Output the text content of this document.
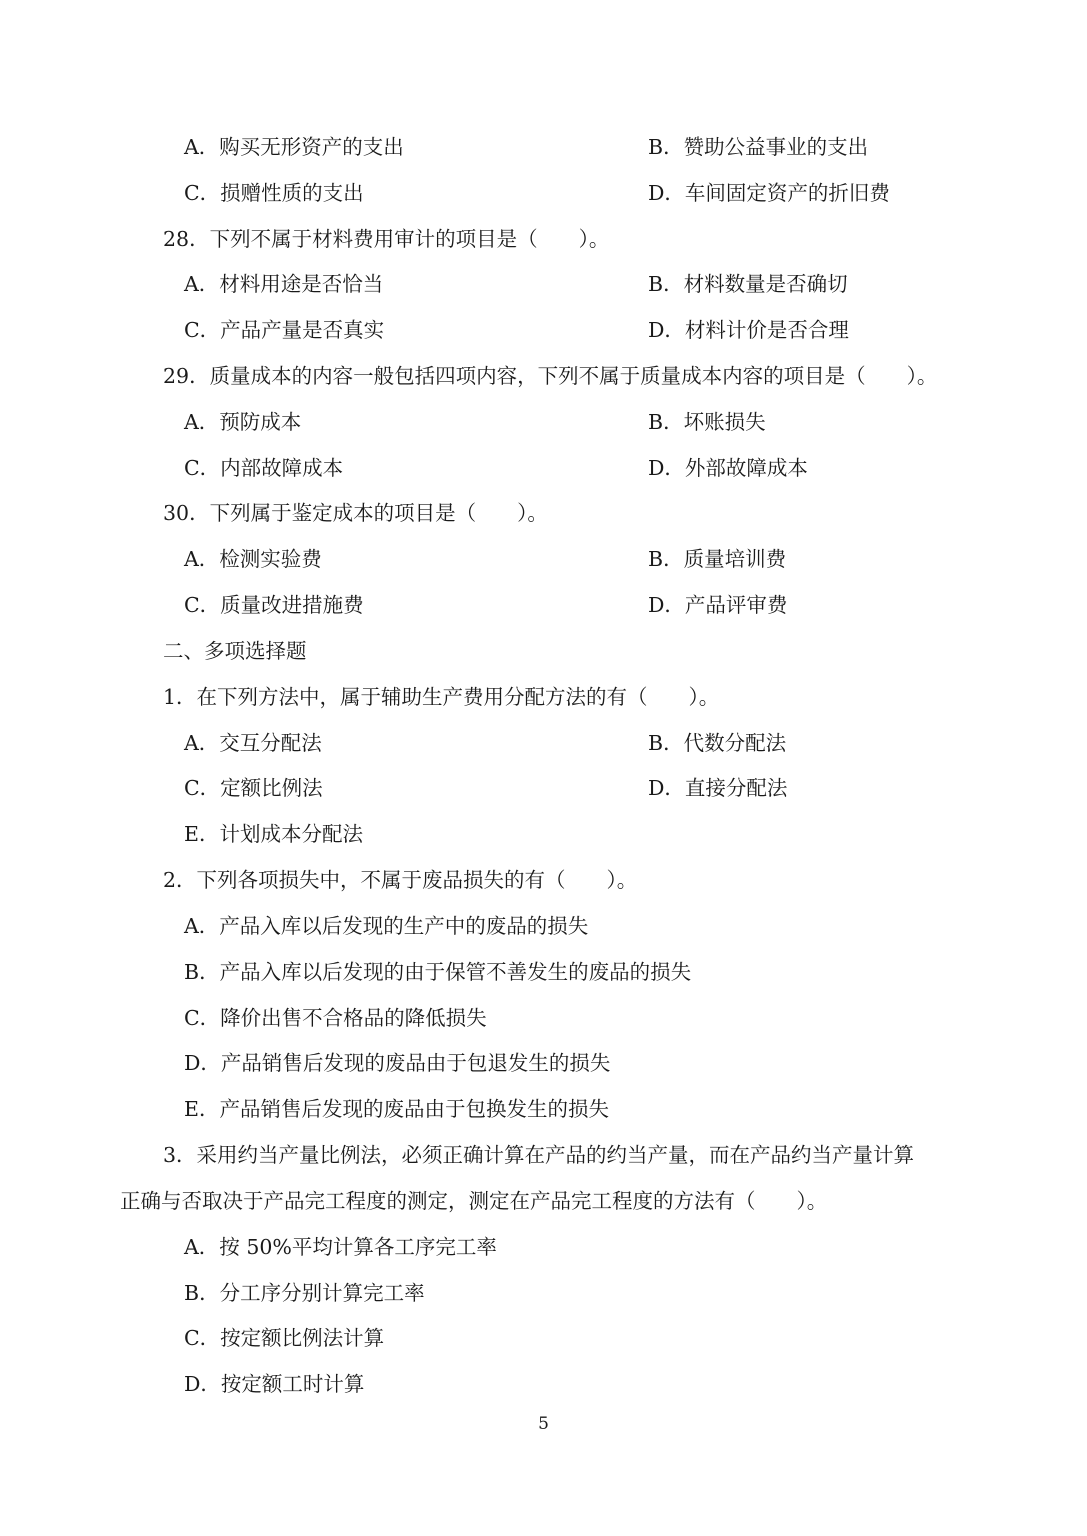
A．购买无形资产的支出	B．赞助公益事业的支出
C．损赠性质的支出	D．车间固定资产的折旧费
28．下列不属于材料费用审计的项目是（　　）。
A．材料用途是否恰当	B．材料数量是否确切
C．产品产量是否真实	D．材料计价是否合理
29．质量成本的内容一般包括四项内容，下列不属于质量成本内容的项目是（　　）。
A．预防成本	B．坏账损失
C．内部故障成本	D．外部故障成本
30．下列属于鉴定成本的项目是（　　）。
A．检测实验费	B．质量培训费
C．质量改进措施费	D．产品评审费
二、多项选择题
1．在下列方法中，属于辅助生产费用分配方法的有（　　）。
A．交互分配法	B．代数分配法
C．定额比例法	D．直接分配法
E．计划成本分配法
2．下列各项损失中，不属于废品损失的有（　　）。
A．产品入库以后发现的生产中的废品的损失
B．产品入库以后发现的由于保管不善发生的废品的损失
C．降价出售不合格品的降低损失
D．产品销售后发现的废品由于包退发生的损失
E．产品销售后发现的废品由于包换发生的损失
3．采用约当产量比例法，必须正确计算在产品的约当产量，而在产品约当产量计算
正确与否取决于产品完工程度的测定，测定在产品完工程度的方法有（　　）。
A．按 50%平均计算各工序完工率
B．分工序分别计算完工率
C．按定额比例法计算
D．按定额工时计算
5
